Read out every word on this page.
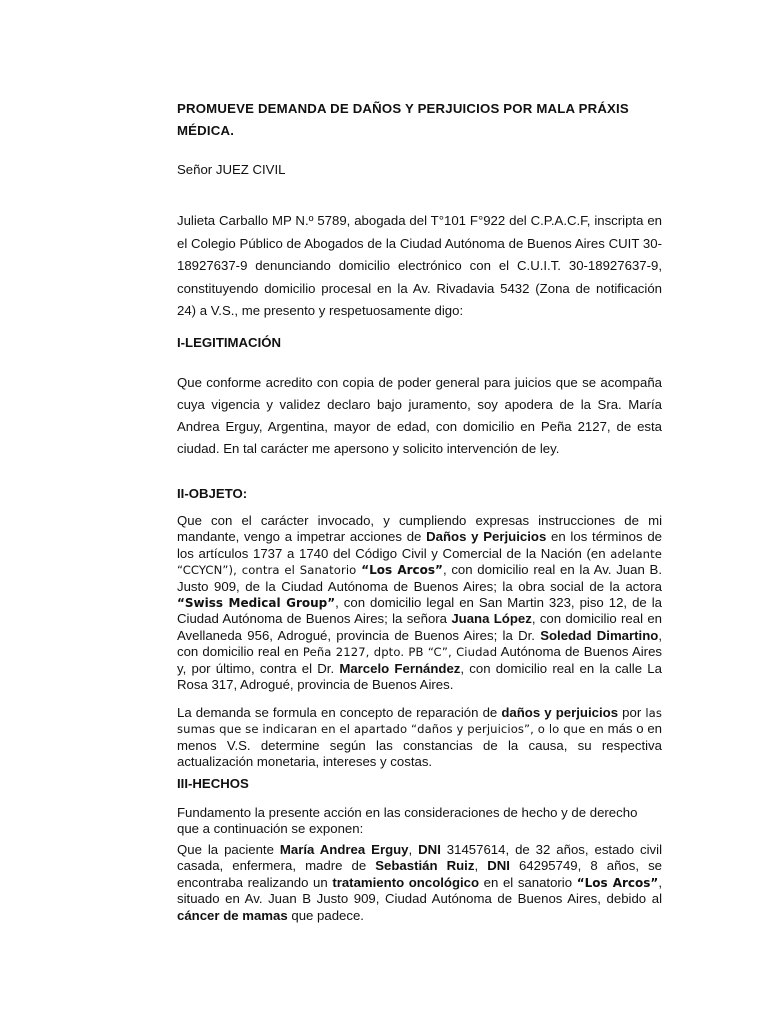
PROMUEVE DEMANDA DE DAÑOS Y PERJUICIOS POR MALA PRÁXIS MÉDICA.

Señor JUEZ CIVIL

Julieta Carballo MP N.º 5789, abogada del T°101 F°922 del C.P.A.C.F, inscripta en el Colegio Público de Abogados de la Ciudad Autónoma de Buenos Aires CUIT 30-18927637-9 denunciando domicilio electrónico con el C.U.I.T. 30-18927637-9, constituyendo domicilio procesal en la Av. Rivadavia 5432 (Zona de notificación 24) a V.S., me presento y respetuosamente digo:

I-LEGITIMACIÓN

Que conforme acredito con copia de poder general para juicios que se acompaña cuya vigencia y validez declaro bajo juramento, soy apodera de la Sra. María Andrea Erguy, Argentina, mayor de edad, con domicilio en Peña 2127, de esta ciudad. En tal carácter me apersono y solicito intervención de ley.

II-OBJETO:

Que con el carácter invocado, y cumpliendo expresas instrucciones de mi mandante, vengo a impetrar acciones de Daños y Perjuicios en los términos de los artículos 1737 a 1740 del Código Civil y Comercial de la Nación (en adelante “CCYCN”), contra el Sanatorio “Los Arcos”, con domicilio real en la Av. Juan B. Justo 909, de la Ciudad Autónoma de Buenos Aires; la obra social de la actora “Swiss Medical Group”, con domicilio legal en San Martin 323, piso 12, de la Ciudad Autónoma de Buenos Aires; la señora Juana López, con domicilio real en Avellaneda 956, Adrogué, provincia de Buenos Aires; la Dr. Soledad Dimartino, con domicilio real en Peña 2127, dpto. PB “C”, Ciudad Autónoma de Buenos Aires y, por último, contra el Dr. Marcelo Fernández, con domicilio real en la calle La Rosa 317, Adrogué, provincia de Buenos Aires.

La demanda se formula en concepto de reparación de daños y perjuicios por las sumas que se indicaran en el apartado “daños y perjuicios”, o lo que en más o en menos V.S. determine según las constancias de la causa, su respectiva actualización monetaria, intereses y costas.

III-HECHOS

Fundamento la presente acción en las consideraciones de hecho y de derecho que a continuación se exponen:

Que la paciente María Andrea Erguy, DNI 31457614, de 32 años, estado civil casada, enfermera, madre de Sebastián Ruiz, DNI 64295749, 8 años, se encontraba realizando un tratamiento oncológico en el sanatorio “Los Arcos”, situado en Av. Juan B Justo 909, Ciudad Autónoma de Buenos Aires, debido al cáncer de mamas que padece.
